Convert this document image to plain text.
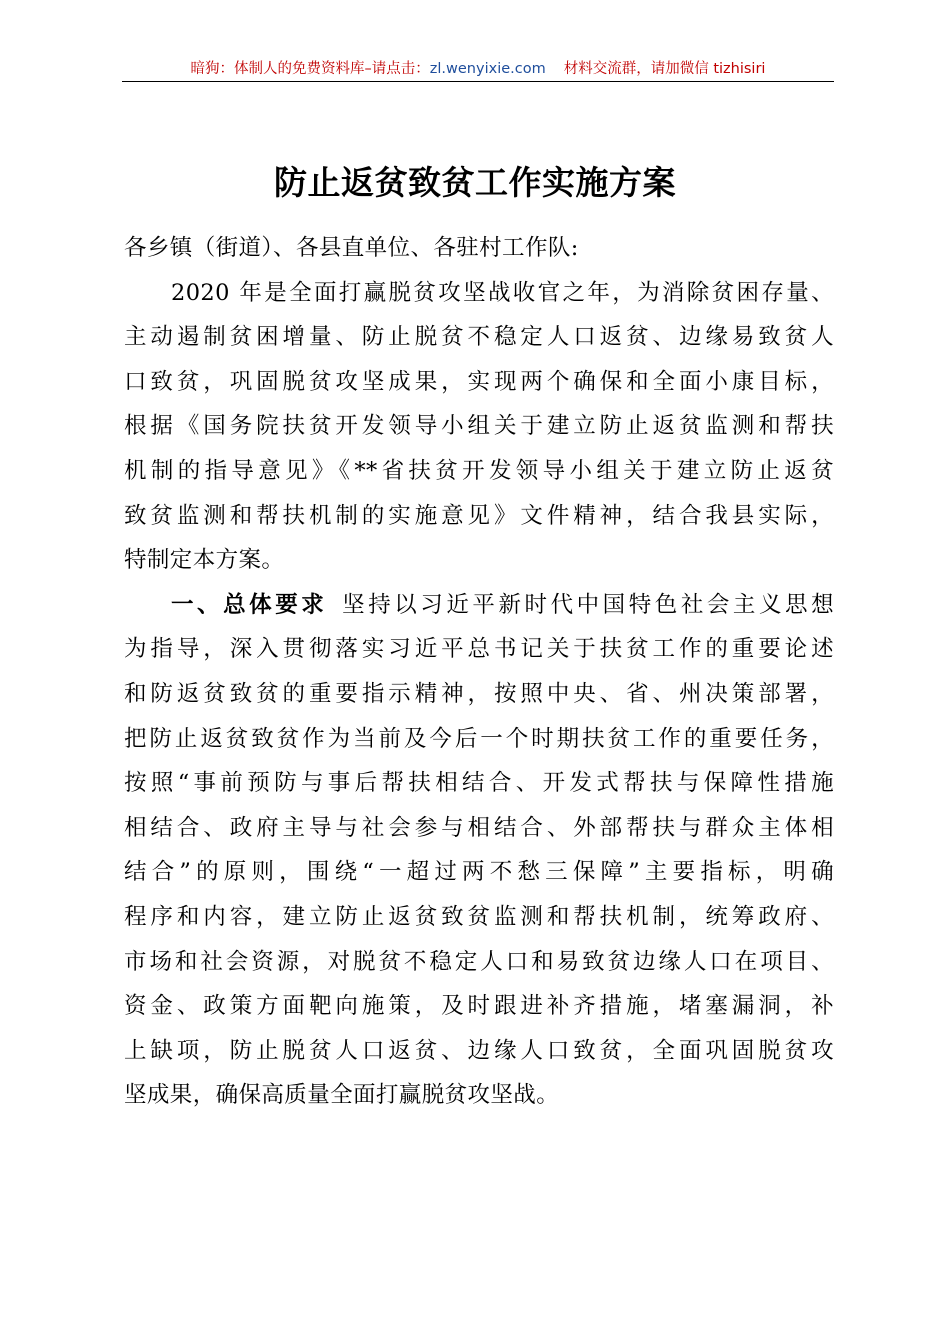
暗狗：体制人的免费资料库–请点击：zl.wenyixie.com 材料交流群，请加微信 tizhisiri
防止返贫致贫工作实施方案
各乡镇（街道）、各县直单位、各驻村工作队:
2020 年是全面打赢脱贫攻坚战收官之年，为消除贫困存量、
主动遏制贫困增量、防止脱贫不稳定人口返贫、边缘易致贫人
口致贫，巩固脱贫攻坚成果，实现两个确保和全面小康目标，
根据《国务院扶贫开发领导小组关于建立防止返贫监测和帮扶
机制的指导意见》《**省扶贫开发领导小组关于建立防止返贫
致贫监测和帮扶机制的实施意见》文件精神，结合我县实际，
特制定本方案。
一、总体要求  坚持以习近平新时代中国特色社会主义思想
为指导，深入贯彻落实习近平总书记关于扶贫工作的重要论述
和防返贫致贫的重要指示精神，按照中央、省、州决策部署，
把防止返贫致贫作为当前及今后一个时期扶贫工作的重要任务，
按照“事前预防与事后帮扶相结合、开发式帮扶与保障性措施
相结合、政府主导与社会参与相结合、外部帮扶与群众主体相
结合”的原则，围绕“一超过两不愁三保障”主要指标，明确
程序和内容，建立防止返贫致贫监测和帮扶机制，统筹政府、
市场和社会资源，对脱贫不稳定人口和易致贫边缘人口在项目、
资金、政策方面靶向施策，及时跟进补齐措施，堵塞漏洞，补
上缺项，防止脱贫人口返贫、边缘人口致贫，全面巩固脱贫攻
坚成果，确保高质量全面打赢脱贫攻坚战。
